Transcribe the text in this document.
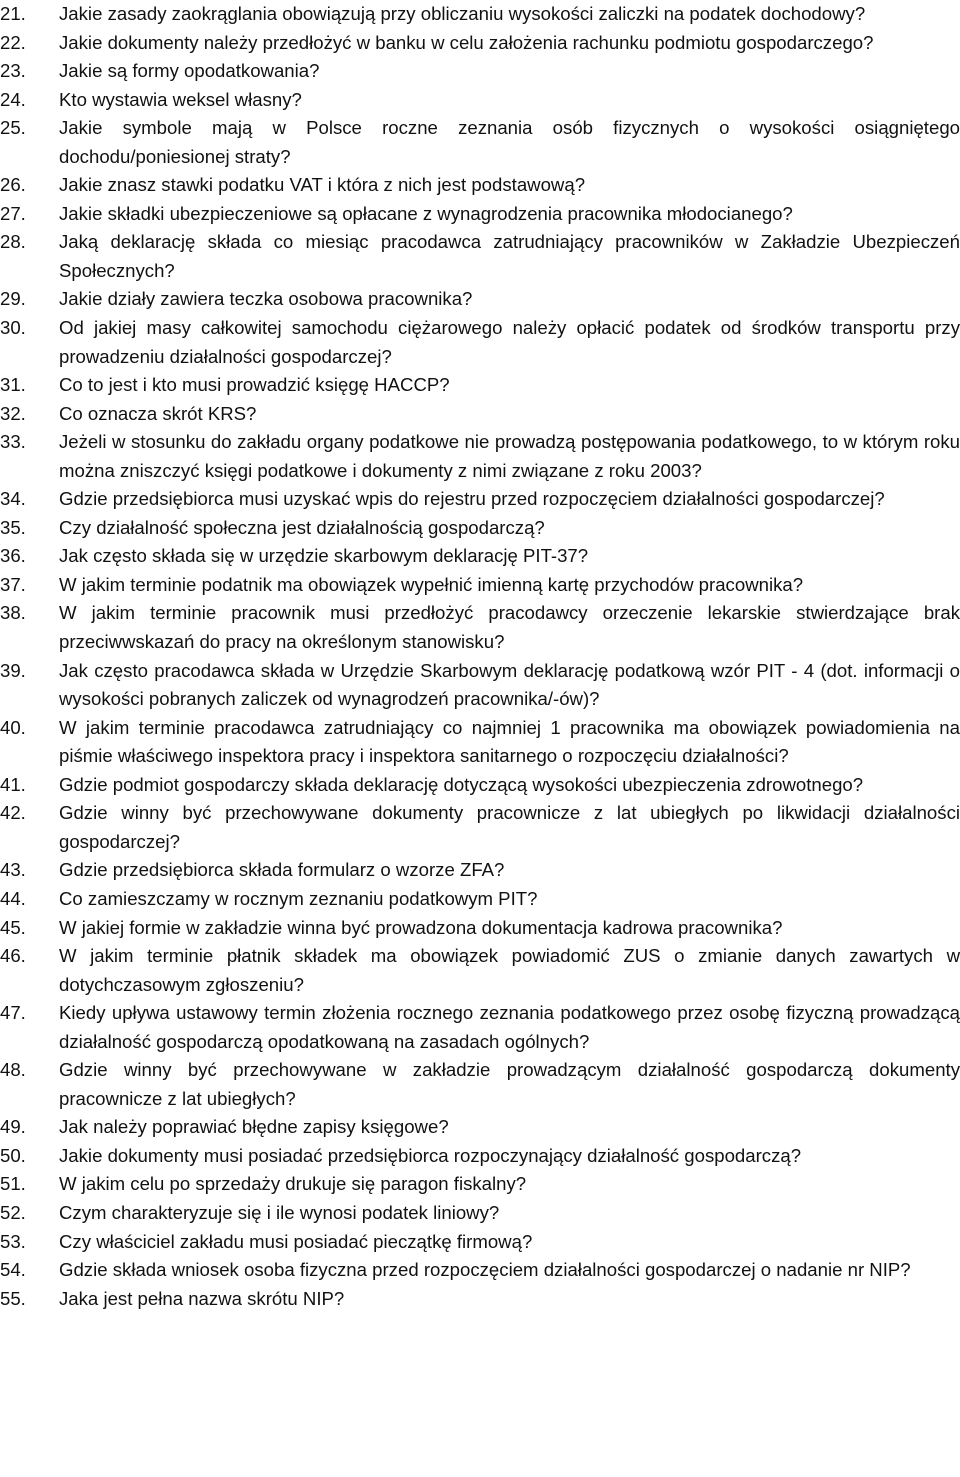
21.	Jakie zasady zaokrąglania obowiązują przy obliczaniu wysokości zaliczki na podatek dochodowy?
22.	Jakie dokumenty należy przedłożyć w banku w celu założenia rachunku podmiotu gospodarczego?
23.	Jakie są formy opodatkowania?
24.	Kto wystawia weksel własny?
25.	Jakie symbole mają w Polsce roczne zeznania osób fizycznych o wysokości osiągniętego dochodu/poniesionej straty?
26.	Jakie znasz stawki podatku VAT i która z nich jest podstawową?
27.	Jakie składki ubezpieczeniowe są opłacane z wynagrodzenia pracownika młodocianego?
28.	Jaką deklarację składa co miesiąc pracodawca zatrudniający pracowników w Zakładzie Ubezpieczeń Społecznych?
29.	Jakie działy zawiera teczka osobowa pracownika?
30.	Od jakiej masy całkowitej samochodu ciężarowego należy opłacić podatek od środków transportu przy prowadzeniu działalności gospodarczej?
31.	Co to jest i kto musi prowadzić księgę HACCP?
32.	Co oznacza skrót KRS?
33.	Jeżeli w stosunku do zakładu organy podatkowe nie prowadzą postępowania podatkowego, to w którym roku można zniszczyć księgi podatkowe i dokumenty z nimi związane z roku 2003?
34.	Gdzie przedsiębiorca musi uzyskać wpis do rejestru przed rozpoczęciem działalności gospodarczej?
35.	Czy działalność społeczna jest działalnością gospodarczą?
36.	Jak często składa się w urzędzie skarbowym deklarację PIT-37?
37.	W jakim terminie podatnik ma obowiązek wypełnić imienną kartę przychodów pracownika?
38.	W jakim terminie pracownik musi przedłożyć pracodawcy orzeczenie lekarskie stwierdzające brak przeciwwskazań do pracy na określonym stanowisku?
39.	Jak często pracodawca składa w Urzędzie Skarbowym deklarację podatkową wzór PIT - 4 (dot. informacji o wysokości pobranych zaliczek od wynagrodzeń pracownika/-ów)?
40.	W jakim terminie pracodawca zatrudniający co najmniej 1 pracownika ma obowiązek powiadomienia na piśmie właściwego inspektora pracy i inspektora sanitarnego o rozpoczęciu działalności?
41.	Gdzie podmiot gospodarczy składa deklarację dotyczącą wysokości ubezpieczenia zdrowotnego?
42.	Gdzie winny być przechowywane dokumenty pracownicze z lat ubiegłych po likwidacji działalności gospodarczej?
43.	Gdzie przedsiębiorca składa formularz o wzorze ZFA?
44.	Co zamieszczamy w rocznym zeznaniu podatkowym PIT?
45.	W jakiej formie w zakładzie winna być prowadzona dokumentacja kadrowa pracownika?
46.	W jakim terminie płatnik składek ma obowiązek powiadomić ZUS o zmianie danych zawartych w dotychczasowym zgłoszeniu?
47.	Kiedy upływa ustawowy termin złożenia rocznego zeznania podatkowego przez osobę fizyczną prowadzącą działalność gospodarczą opodatkowaną na zasadach ogólnych?
48.	Gdzie winny być przechowywane w zakładzie prowadzącym działalność gospodarczą dokumenty pracownicze z lat ubiegłych?
49.	Jak należy poprawiać błędne zapisy księgowe?
50.	Jakie dokumenty musi posiadać przedsiębiorca rozpoczynający działalność gospodarczą?
51.	W jakim celu po sprzedaży drukuje się paragon fiskalny?
52.	Czym charakteryzuje się i ile wynosi podatek liniowy?
53.	Czy właściciel zakładu musi posiadać pieczątkę firmową?
54.	Gdzie składa wniosek osoba fizyczna przed rozpoczęciem działalności gospodarczej o nadanie nr NIP?
55.	Jaka jest pełna nazwa skrótu NIP?
